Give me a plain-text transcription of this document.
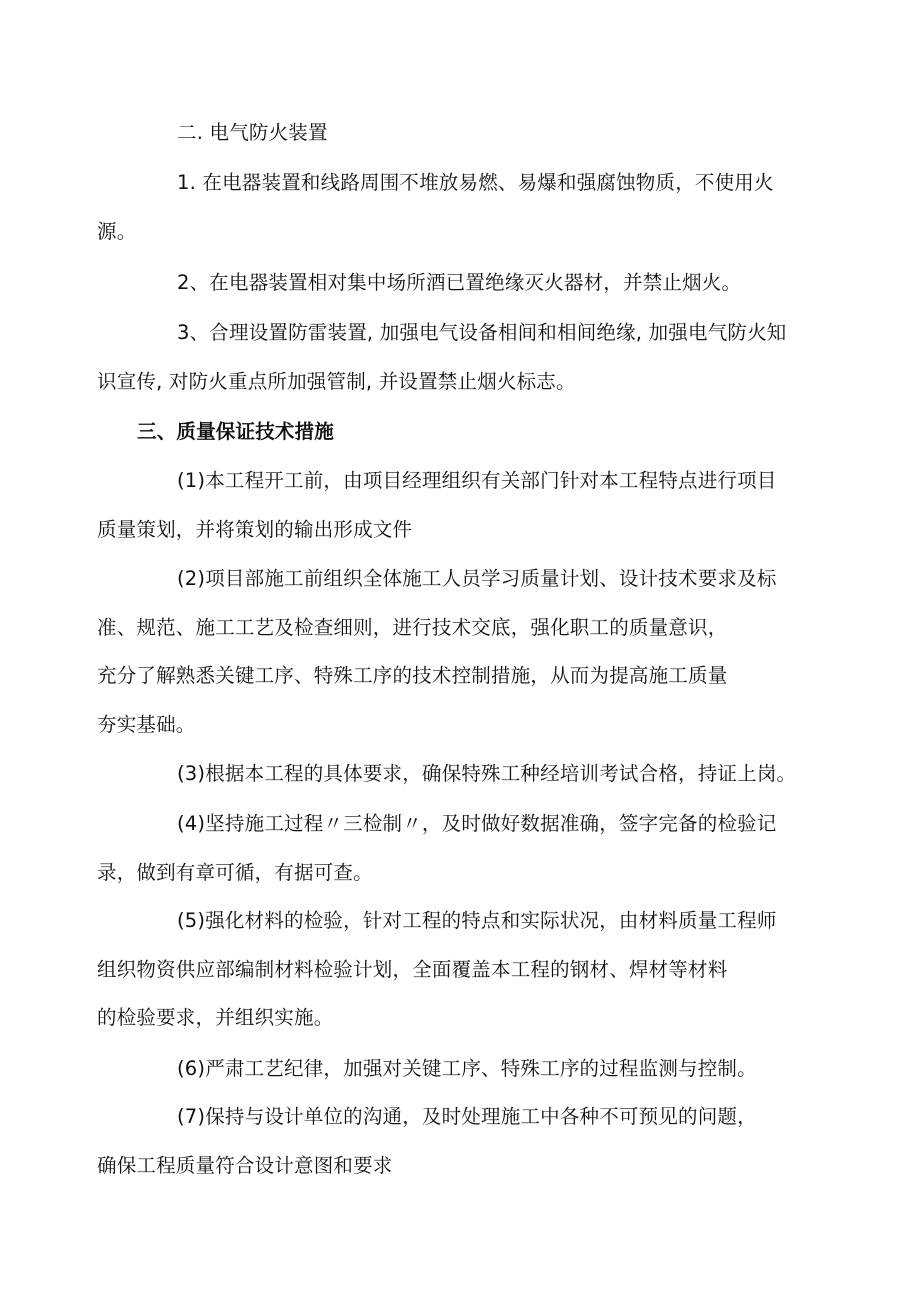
二. 电气防火装置

1. 在电器装置和线路周围不堆放易燃、易爆和强腐蚀物质，不使用火
源。

2、在电器装置相对集中场所酒已置绝缘灭火器材，并禁止烟火。

3、合理设置防雷装置, 加强电气设备相间和相间绝缘, 加强电气防火知
识宣传, 对防火重点所加强管制, 并设置禁止烟火标志。

三、质量保证技术措施

(1)本工程开工前，由项目经理组织有关部门针对本工程特点进行项目
质量策划，并将策划的输出形成文件

(2)项目部施工前组织全体施工人员学习质量计划、设计技术要求及标
准、规范、施工工艺及检查细则，进行技术交底，强化职工的质量意识，
充分了解熟悉关键工序、特殊工序的技术控制措施，从而为提高施工质量
夯实基础。

(3)根据本工程的具体要求，确保特殊工种经培训考试合格，持证上岗。

(4)坚持施工过程〃三检制〃，及时做好数据准确，签字完备的检验记
录，做到有章可循，有据可查。

(5)强化材料的检验，针对工程的特点和实际状况，由材料质量工程师
组织物资供应部编制材料检验计划，全面覆盖本工程的钢材、焊材等材料
的检验要求，并组织实施。

(6)严肃工艺纪律，加强对关键工序、特殊工序的过程监测与控制。

(7)保持与设计单位的沟通，及时处理施工中各种不可预见的问题，
确保工程质量符合设计意图和要求
